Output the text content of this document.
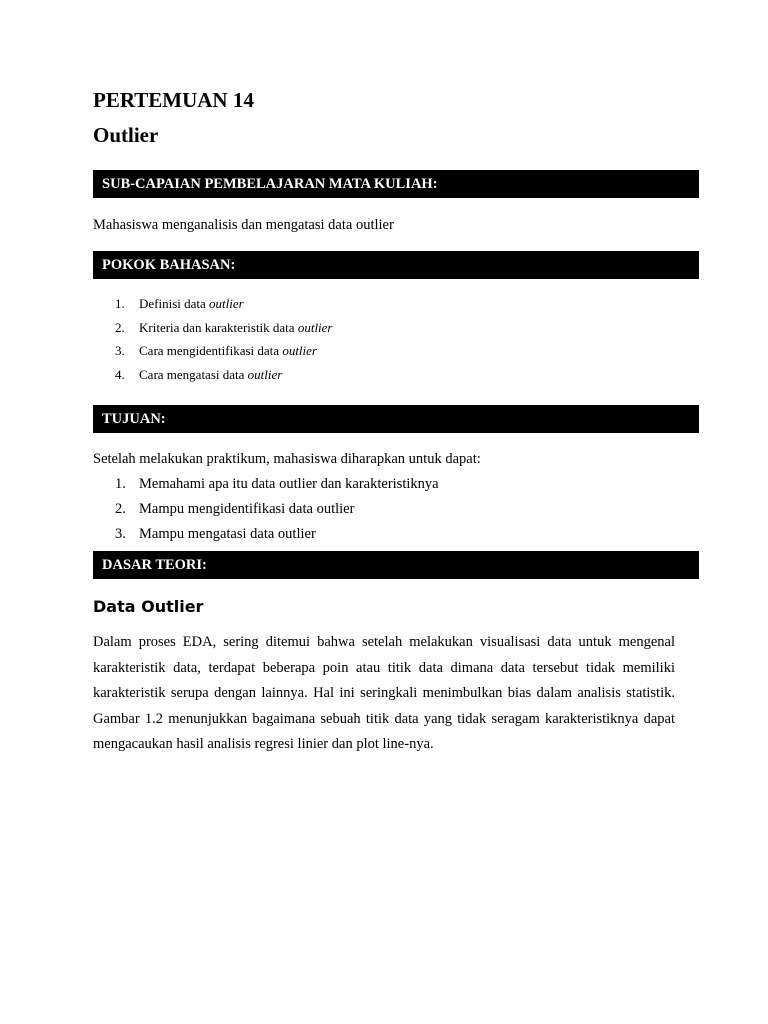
PERTEMUAN 14
Outlier
SUB-CAPAIAN PEMBELAJARAN MATA KULIAH:

Mahasiswa menganalisis dan mengatasi data outlier

POKOK BAHASAN:
1. Definisi data outlier
2. Kriteria dan karakteristik data outlier
3. Cara mengidentifikasi data outlier
4. Cara mengatasi data outlier
TUJUAN:

Setelah melakukan praktikum, mahasiswa diharapkan untuk dapat:

1. Memahami apa itu data outlier dan karakteristiknya
2. Mampu mengidentifikasi data outlier
3. Mampu mengatasi data outlier
DASAR TEORI:
Data Outlier

Dalam proses EDA, sering ditemui bahwa setelah melakukan visualisasi data untuk mengenal karakteristik data, terdapat beberapa poin atau titik data dimana data tersebut tidak memiliki karakteristik serupa dengan lainnya. Hal ini seringkali menimbulkan bias dalam analisis statistik. Gambar 1.2 menunjukkan bagaimana sebuah titik data yang tidak seragam karakteristiknya dapat mengacaukan hasil analisis regresi linier dan plot line-nya.
